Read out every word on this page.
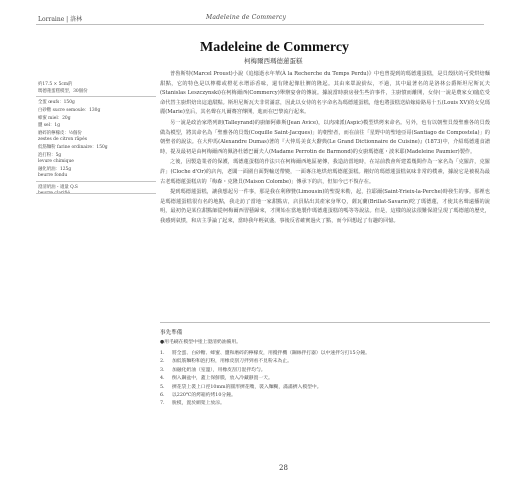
Lorraine | 洛林	Madeleine de Commercy
Madeleine de Commercy
柯梅爾西瑪德蓮蛋糕
約17.5 × 5cm的
瑪德蓮蛋糕模型，30個份
全蛋 œufs：150g
白砂糖 sucre semoule：130g
蜂蜜 miel：20g
鹽 sel：1g
磨碎的檸檬皮：½個份
zestes de citron râpés
低筋麵粉 farine ordinaire：150g
泡打粉：5g
levure chimique
融化奶油：125g
beurre fondu
澄清奶油・適量 Q.S

普魯斯特(Marcel Proust)小說《追憶逝水年華(À la Recherche du Temps Perdu)》中也曾提到的瑪德蓮蛋糕，是貝殼狀的可愛烘焙麵甜點，它的特色是以檸檬或橙花水增添香味，還有隆起像肚臍的隆起。其由來眾說紛紜，不過，其中最著名的是洛林公爵斯坦尼斯瓦夫(Stanislas Leszczynski)在柯梅爾西(Commercy)舉辦宴會的傳說。據說當時廚房發生些許事件，主廚憤而離開，女侍(一說是農家女)臨危受命代替主廚烘焙出這道甜點。斯坦尼斯瓦夫非常滿意，因此以女侍的名字命名為瑪德蓮蛋糕，他也將蛋糕送給嫁給路易十五(Louis XV)的女兒瑪麗(Marie)皇后，其名聲在凡爾賽宮傳開，進而在巴黎流行起來。

另一說是政治家塔列朗(Talleyrand)的廚師阿維斯(Jean Avice)，以肉凍派(Aspic)模型烘烤來命名。另外，也有以朝聖貝殼聖雅各的貝殼做為模型，將其命名為「聖雅各的貝殼(Coquille Saint-Jacques)」的朝聖者，而在前往「星野中的聖地亞哥(Santiago de Compostela)」的朝聖者的說法。在大仲馬(Alexandre Dumas)著的『大仲馬美食大辭典(Le Grand Dictionnaire de Cuisine)』(1873)中，介紹瑪德蓮食譜時，提及最初是由柯梅爾西的佩洛杜德巴爾夫人(Madame Perrotin de Barmond)的女廚瑪德蓮・波米耶(Madeleine Paumier)製作。

之後，因製造業者的保護，瑪德蓮蛋糕的作法只在柯梅爾西地區祕傳，我造訪當地時，在站前教會所建蓋幾間作為一家名為「克羅許，克羅許」(Cloche d'Or)的店內，老闆一面圍自面對輸送帶變，一面專注地烘焙瑪德蓮蛋糕。剛好的瑪德蓮蛋糕氣味非常的樸素，據說它是被視為最古老瑪德蓮蛋糕店的「梅森・克隆貝(Maison Colombe)」傳承下的店，但如今已不復存在。

提到瑪德蓮蛋糕，讓我想起另一件事，那是我在利穆贊(Limousin)的聖提米勒，起，拉耶爾(Saint-Yrieix-la-Perche)時發生的事。那裡也是瑪德蓮蛋糕很有名的地點，我走訪了當地一家甜點店，店員貼出其產家身單Ｑ，薩瓦蘭(Brillat-Savarin)吃了瑪德蓮，才使其名聲遠播的說明，最初仍是某位甜點師從柯梅爾西習藝歸來，才開始在當地製作瑪德蓮蛋糕的嗎等等說法。但是，這樣的說法很難保證呈現了瑪德蓮的歷史，我感到氣憤，和店主爭論了起來，當時我年輕氣盛，事後反省確實過火了點，而今回想起了有趣的回憶。

事先準備
●用毛刷在模型中塗上澄清奶油備用。
1.	將全蛋、白砂糖、蜂蜜、鹽和磨碎的檸檬皮，用攪拌機（鋼絲拌打器）以中速拌匀打15分鐘。
2.	加低筋麵粉和泡打粉，用橡皮刮刀拌到看不見粉末為止。
3.	加融化奶油（室溫），用橡皮刮刀混拌均勻。
4.	倒入鋼盆中，蓋上保鮮膜，放入冷藏靜置一天。
5.	擠花袋上裝上口徑10mm的圓形擠花嘴，裝入麵糊，滿滿擠入模型中。
6.	以220℃的烤箱約烤10分鐘。
7.	脫模，置於網架上放涼。
28
